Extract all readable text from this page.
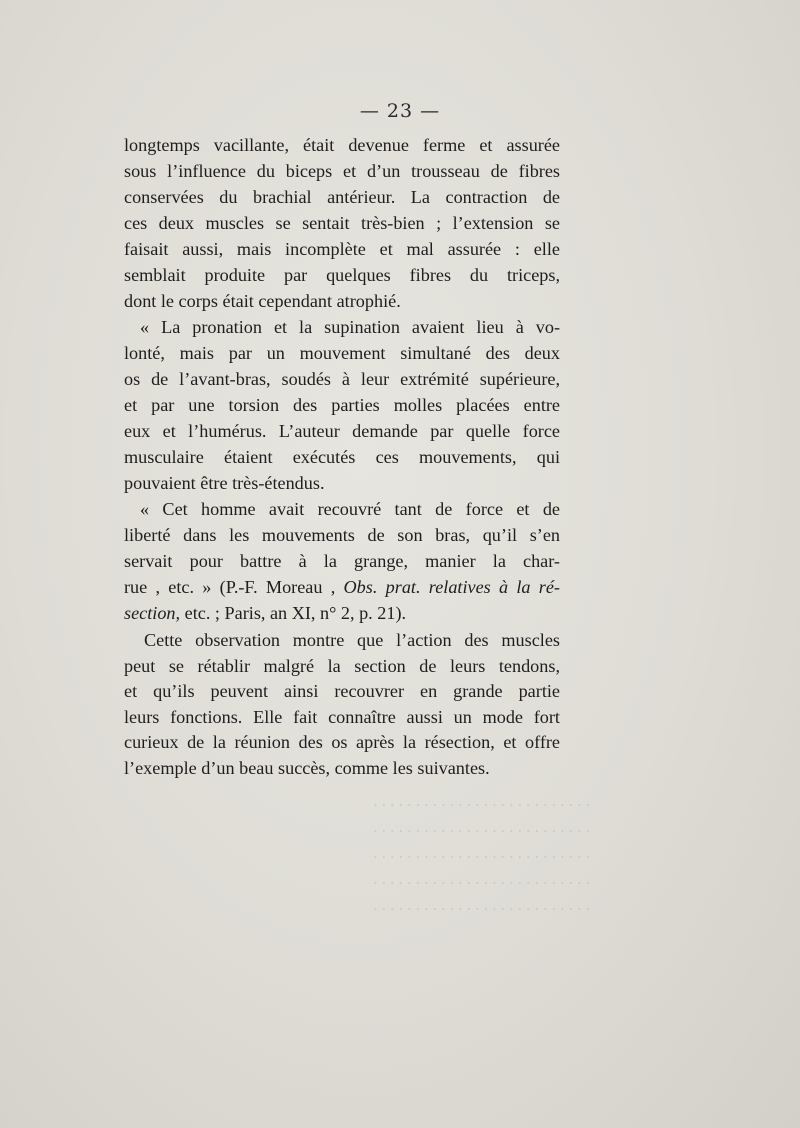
. . . . . . . . . . . . . . . . . . . . . . . . . .
. . . . . . . . . . . . . . . . . . . . . . . . . .
. . . . . . . . . . . . . . . . . . . . . . . . . .
. . . . . . . . . . . . . . . . . . . . . . . . . .
. . . . . . . . . . . . . . . . . . . . . . . . . .
— 23 —
longtemps vacillante, était devenue ferme et assurée
sous l’influence du biceps et d’un trousseau de fibres
conservées du brachial antérieur. La contraction de
ces deux muscles se sentait très-bien ; l’extension se
faisait aussi, mais incomplète et mal assurée : elle
semblait produite par quelques fibres du triceps,
dont le corps était cependant atrophié.
« La pronation et la supination avaient lieu à vo-
lonté, mais par un mouvement simultané des deux
os de l’avant-bras, soudés à leur extrémité supérieure,
et par une torsion des parties molles placées entre
eux et l’humérus. L’auteur demande par quelle force
musculaire étaient exécutés ces mouvements, qui
pouvaient être très-étendus.
« Cet homme avait recouvré tant de force et de
liberté dans les mouvements de son bras, qu’il s’en
servait pour battre à la grange, manier la char-
rue , etc. » (P.-F. Moreau , Obs. prat. relatives à la ré-
section, etc. ; Paris, an XI, n° 2, p. 21).
Cette observation montre que l’action des muscles
peut se rétablir malgré la section de leurs tendons,
et qu’ils peuvent ainsi recouvrer en grande partie
leurs fonctions. Elle fait connaître aussi un mode fort
curieux de la réunion des os après la résection, et offre
l’exemple d’un beau succès, comme les suivantes.
